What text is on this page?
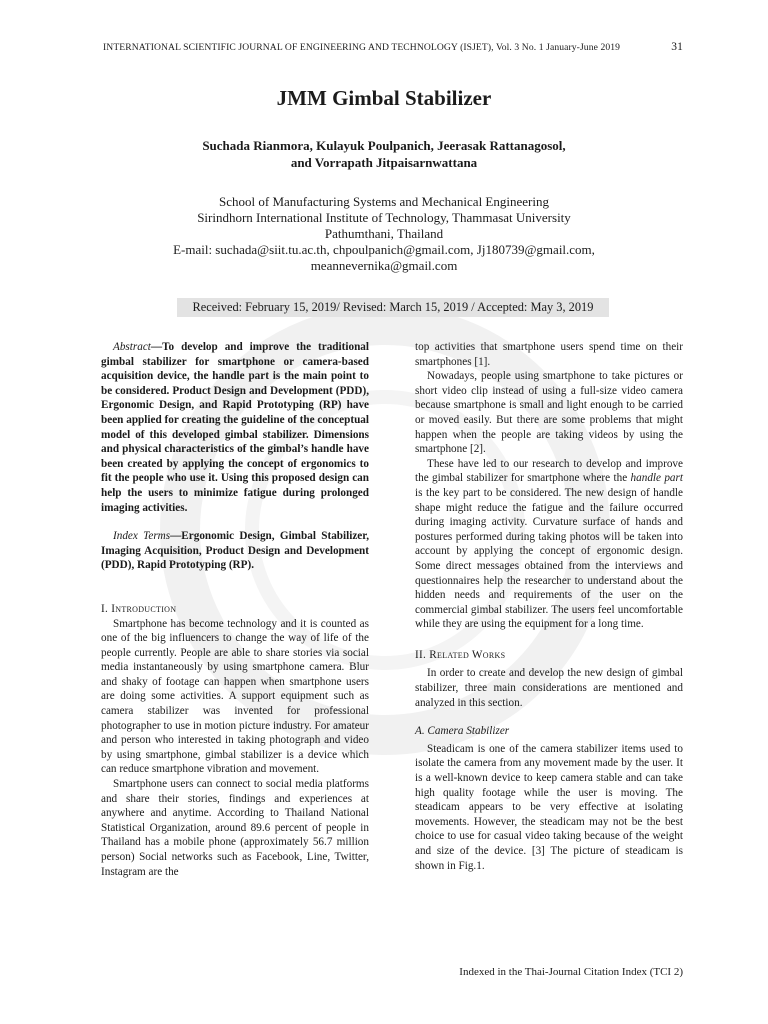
INTERNATIONAL SCIENTIFIC JOURNAL OF ENGINEERING AND TECHNOLOGY (ISJET), Vol. 3 No. 1 January-June 2019	31
JMM Gimbal Stabilizer
Suchada Rianmora, Kulayuk Poulpanich, Jeerasak Rattanagosol,
and Vorrapath Jitpaisarnwattana
School of Manufacturing Systems and Mechanical Engineering
Sirindhorn International Institute of Technology, Thammasat University
Pathumthani, Thailand
E-mail: suchada@siit.tu.ac.th, chpoulpanich@gmail.com, Jj180739@gmail.com,
meannevernika@gmail.com
Received: February 15, 2019/ Revised: March 15, 2019 / Accepted: May 3, 2019

Abstract—To develop and improve the traditional gimbal stabilizer for smartphone or camera-based acquisition device, the handle part is the main point to be considered. Product Design and Development (PDD), Ergonomic Design, and Rapid Prototyping (RP) have been applied for creating the guideline of the conceptual model of this developed gimbal stabilizer. Dimensions and physical characteristics of the gimbal’s handle have been created by applying the concept of ergonomics to fit the people who use it. Using this proposed design can help the users to minimize fatigue during prolonged imaging activities.

Index Terms—Ergonomic Design, Gimbal Stabilizer, Imaging Acquisition, Product Design and Development (PDD), Rapid Prototyping (RP).

I. Introduction

Smartphone has become technology and it is counted as one of the big influencers to change the way of life of the people currently. People are able to share stories via social media instantaneously by using smartphone camera. Blur and shaky of footage can happen when smartphone users are doing some activities. A support equipment such as camera stabilizer was invented for professional photographer to use in motion picture industry. For amateur and person who interested in taking photograph and video by using smartphone, gimbal stabilizer is a device which can reduce smartphone vibration and movement.

Smartphone users can connect to social media platforms and share their stories, findings and experiences at anywhere and anytime. According to Thailand National Statistical Organization, around 89.6 percent of people in Thailand has a mobile phone (approximately 56.7 million person) Social networks such as Facebook, Line, Twitter, Instagram are the

top activities that smartphone users spend time on their smartphones [1].

Nowadays, people using smartphone to take pictures or short video clip instead of using a full-size video camera because smartphone is small and light enough to be carried or moved easily. But there are some problems that might happen when the people are taking videos by using the smartphone [2].

These have led to our research to develop and improve the gimbal stabilizer for smartphone where the handle part is the key part to be considered. The new design of handle shape might reduce the fatigue and the failure occurred during imaging activity. Curvature surface of hands and postures performed during taking photos will be taken into account by applying the concept of ergonomic design. Some direct messages obtained from the interviews and questionnaires help the researcher to understand about the hidden needs and requirements of the user on the commercial gimbal stabilizer. The users feel uncomfortable while they are using the equipment for a long time.

II. Related Works

In order to create and develop the new design of gimbal stabilizer, three main considerations are mentioned and analyzed in this section.

A. Camera Stabilizer

Steadicam is one of the camera stabilizer items used to isolate the camera from any movement made by the user. It is a well-known device to keep camera stable and can take high quality footage while the user is moving. The steadicam appears to be very effective at isolating movements. However, the steadicam may not be the best choice to use for casual video taking because of the weight and size of the device. [3] The picture of steadicam is shown in Fig.1.

Indexed in the Thai-Journal Citation Index (TCI 2)
